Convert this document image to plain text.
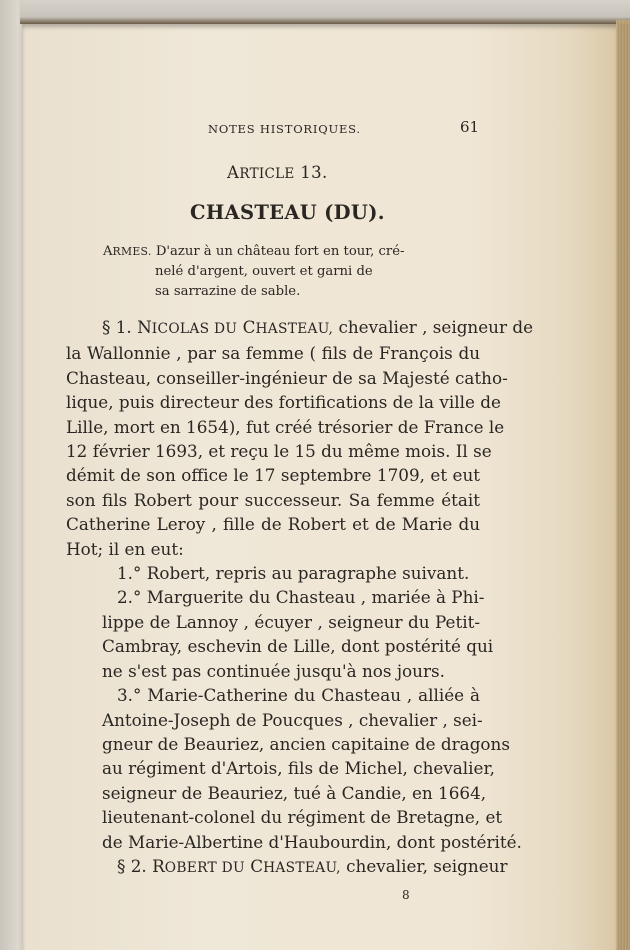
NOTES HISTORIQUES.	61
ARTICLE 13.
CHASTEAU (DU).
ARMES. D'azur à un château fort en tour, cré-
nelé d'argent, ouvert et garni de
sa sarrazine de sable.
§ 1. NICOLAS DU CHASTEAU, chevalier , seigneur de
la Wallonnie , par sa femme ( fils de François du
Chasteau, conseiller-ingénieur de sa Majesté catho-
lique, puis directeur des fortifications de la ville de
Lille, mort en 1654), fut créé trésorier de France le
12 février 1693, et reçu le 15 du même mois. Il se
démit de son office le 17 septembre 1709, et eut
son fils Robert pour successeur. Sa femme était
Catherine Leroy , fille de Robert et de Marie du
Hot; il en eut:
1.° Robert, repris au paragraphe suivant.
2.° Marguerite du Chasteau , mariée à Phi-
lippe de Lannoy , écuyer , seigneur du Petit-
Cambray, eschevin de Lille, dont postérité qui
ne s'est pas continuée jusqu'à nos jours.
3.° Marie-Catherine du Chasteau , alliée à
Antoine-Joseph de Poucques , chevalier , sei-
gneur de Beauriez, ancien capitaine de dragons
au régiment d'Artois, fils de Michel, chevalier,
seigneur de Beauriez, tué à Candie, en 1664,
lieutenant-colonel du régiment de Bretagne, et
de Marie-Albertine d'Haubourdin, dont postérité.
§ 2. ROBERT DU CHASTEAU, chevalier, seigneur
8
